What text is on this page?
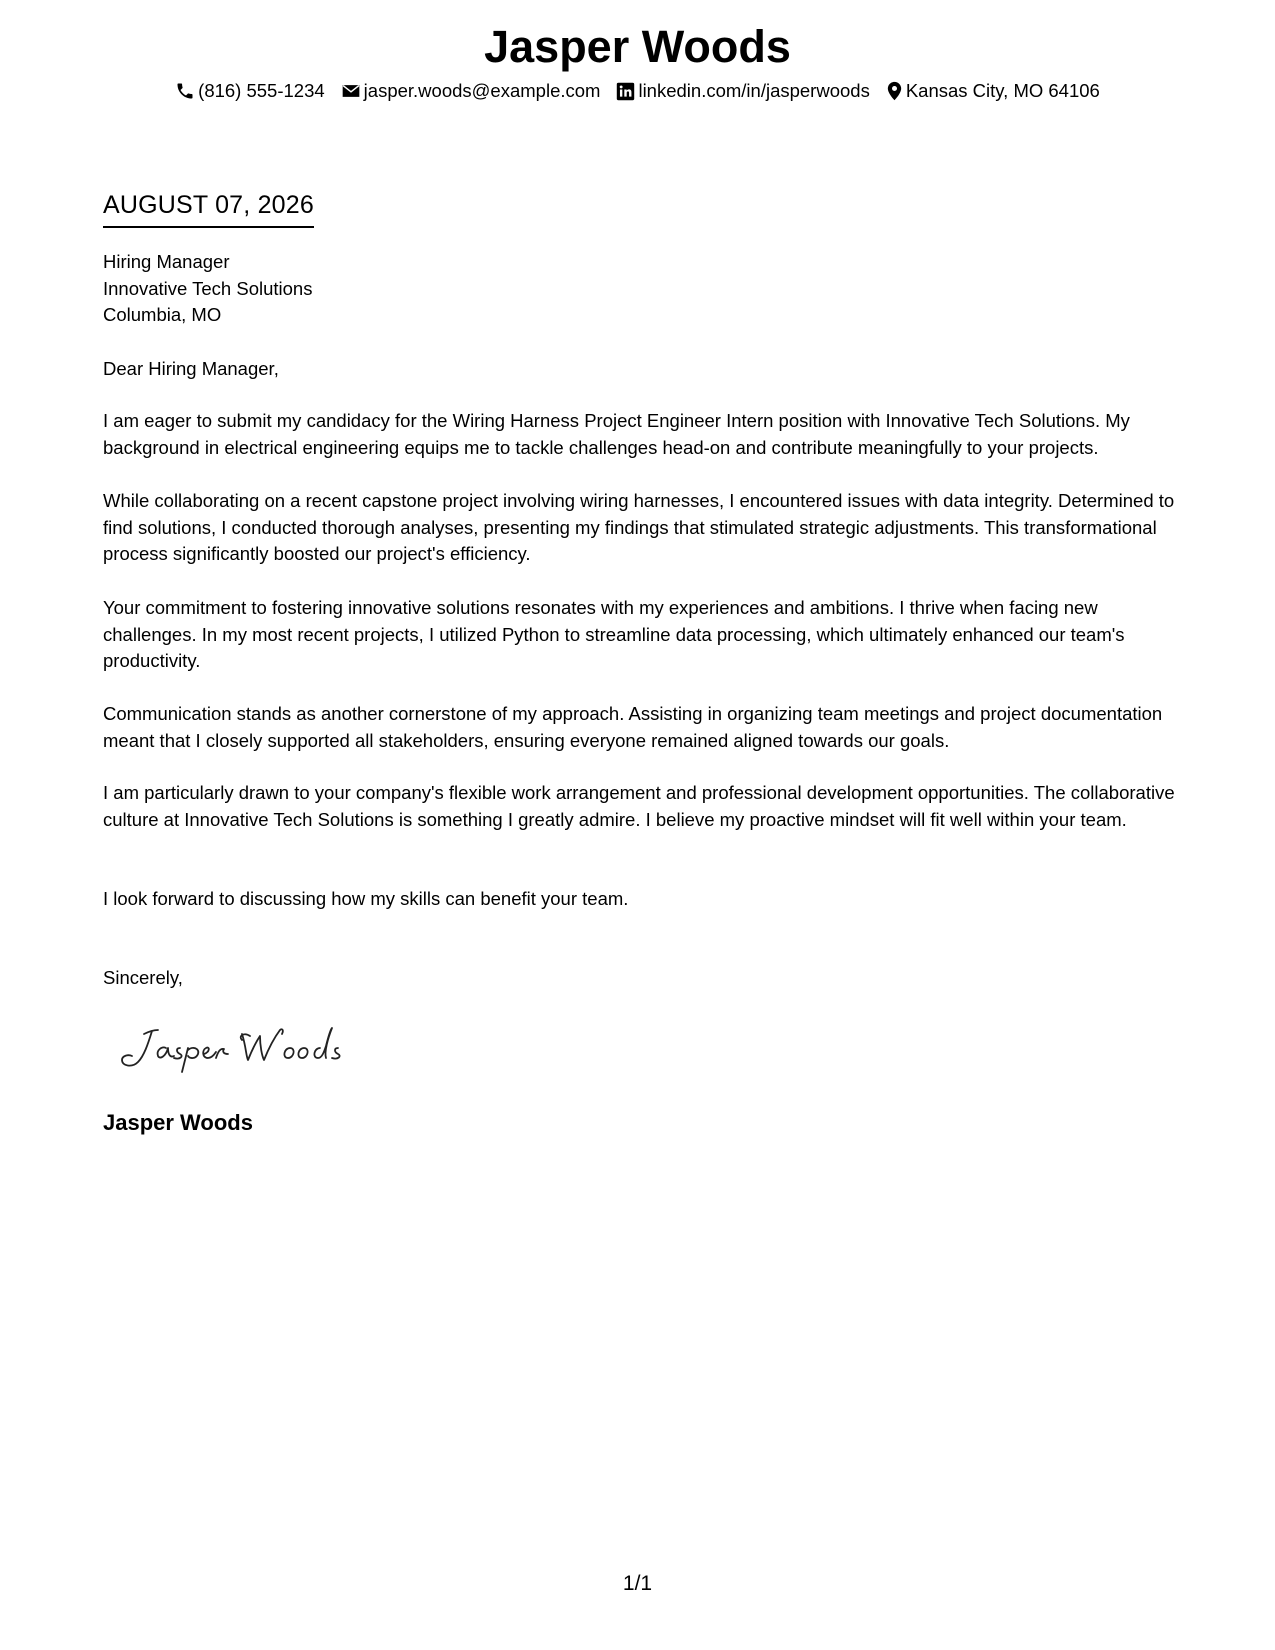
Jasper Woods
(816) 555-1234 jasper.woods@example.com linkedin.com/in/jasperwoods Kansas City, MO 64106
AUGUST 07, 2026
Hiring Manager
Innovative Tech Solutions
Columbia, MO

Dear Hiring Manager,

I am eager to submit my candidacy for the Wiring Harness Project Engineer Intern position with Innovative Tech Solutions. My background in electrical engineering equips me to tackle challenges head-on and contribute meaningfully to your projects.

While collaborating on a recent capstone project involving wiring harnesses, I encountered issues with data integrity. Determined to find solutions, I conducted thorough analyses, presenting my findings that stimulated strategic adjustments. This transformational process significantly boosted our project's efficiency.

Your commitment to fostering innovative solutions resonates with my experiences and ambitions. I thrive when facing new challenges. In my most recent projects, I utilized Python to streamline data processing, which ultimately enhanced our team's productivity.

Communication stands as another cornerstone of my approach. Assisting in organizing team meetings and project documentation meant that I closely supported all stakeholders, ensuring everyone remained aligned towards our goals.

I am particularly drawn to your company's flexible work arrangement and professional development opportunities. The collaborative culture at Innovative Tech Solutions is something I greatly admire. I believe my proactive mindset will fit well within your team.

I look forward to discussing how my skills can benefit your team.

Sincerely,

Jasper Woods
1/1
